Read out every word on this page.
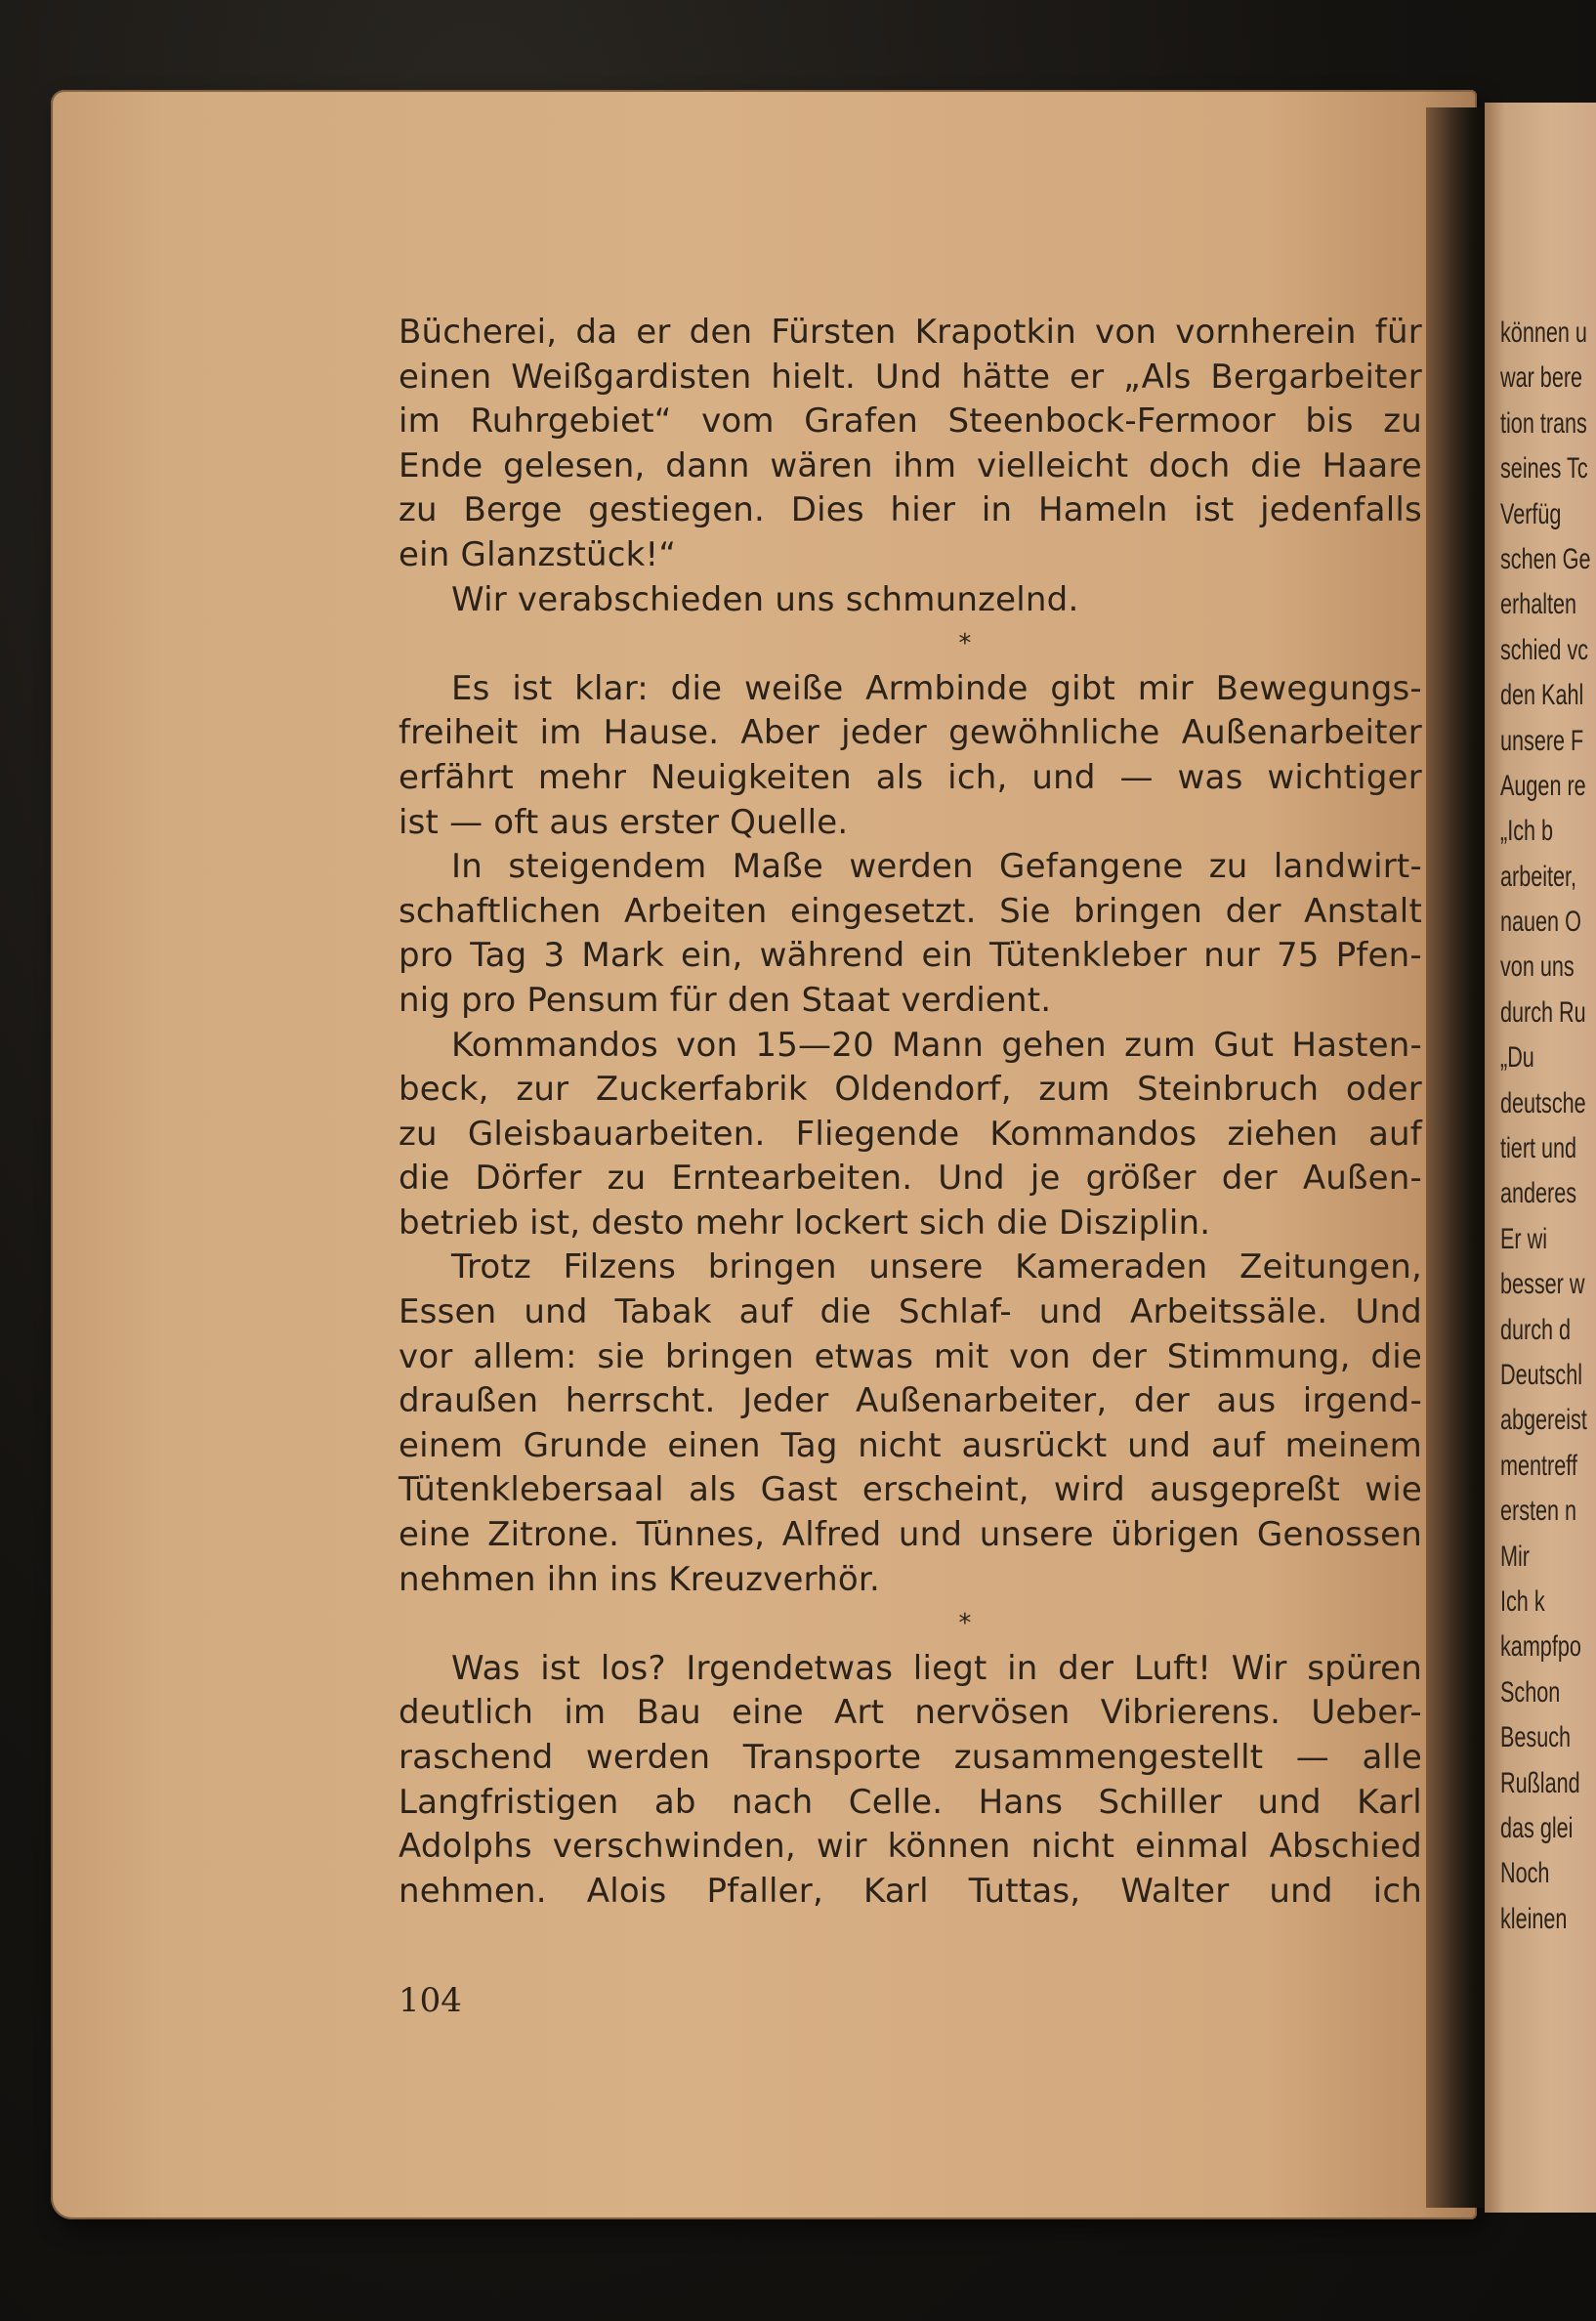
Bücherei, da er den Fürsten Krapotkin von vornherein für
einen Weißgardisten hielt. Und hätte er „Als Bergarbeiter
im Ruhrgebiet“ vom Grafen Steenbock-Fermoor bis zu
Ende gelesen, dann wären ihm vielleicht doch die Haare
zu Berge gestiegen. Dies hier in Hameln ist jedenfalls
ein Glanzstück!“
Wir verabschieden uns schmunzelnd.
*
Es ist klar: die weiße Armbinde gibt mir Bewegungs-
freiheit im Hause. Aber jeder gewöhnliche Außenarbeiter
erfährt mehr Neuigkeiten als ich, und — was wichtiger
ist — oft aus erster Quelle.
In steigendem Maße werden Gefangene zu landwirt-
schaftlichen Arbeiten eingesetzt. Sie bringen der Anstalt
pro Tag 3 Mark ein, während ein Tütenkleber nur 75 Pfen-
nig pro Pensum für den Staat verdient.
Kommandos von 15—20 Mann gehen zum Gut Hasten-
beck, zur Zuckerfabrik Oldendorf, zum Steinbruch oder
zu Gleisbauarbeiten. Fliegende Kommandos ziehen auf
die Dörfer zu Erntearbeiten. Und je größer der Außen-
betrieb ist, desto mehr lockert sich die Disziplin.
Trotz Filzens bringen unsere Kameraden Zeitungen,
Essen und Tabak auf die Schlaf- und Arbeitssäle. Und
vor allem: sie bringen etwas mit von der Stimmung, die
draußen herrscht. Jeder Außenarbeiter, der aus irgend-
einem Grunde einen Tag nicht ausrückt und auf meinem
Tütenklebersaal als Gast erscheint, wird ausgepreßt wie
eine Zitrone. Tünnes, Alfred und unsere übrigen Genossen
nehmen ihn ins Kreuzverhör.
*
Was ist los? Irgendetwas liegt in der Luft! Wir spüren
deutlich im Bau eine Art nervösen Vibrierens. Ueber-
raschend werden Transporte zusammengestellt — alle
Langfristigen ab nach Celle. Hans Schiller und Karl
Adolphs verschwinden, wir können nicht einmal Abschied
nehmen. Alois Pfaller, Karl Tuttas, Walter und ich
104
können u
war bere
tion trans
seines Tc
Verfüg
schen Ge
erhalten
schied vc
den Kahl
unsere F
Augen re
„Ich b
arbeiter,
nauen O
von uns
durch Ru
„Du
deutsche
tiert und
anderes
Er wi
besser w
durch d
Deutschl
abgereist
mentreff
ersten n
Mir
Ich k
kampfpo
Schon
Besuch
Rußland
das glei
Noch
kleinen
